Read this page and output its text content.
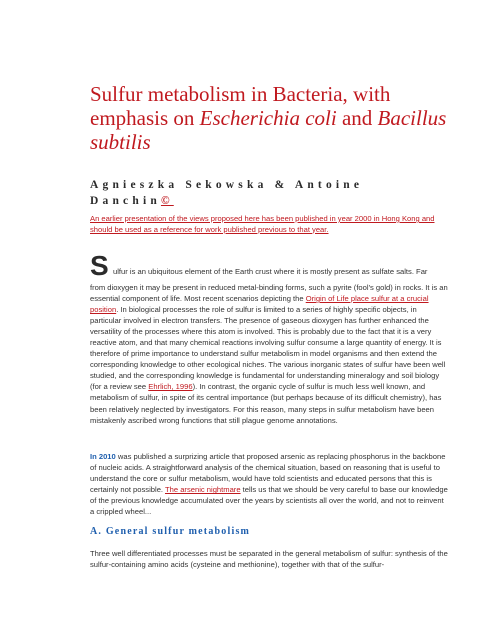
Sulfur metabolism in Bacteria, with emphasis on Escherichia coli and Bacillus subtilis

Agnieszka Sekowska & Antoine Danchin©

An earlier presentation of the views proposed here has been published in year 2000 in Hong Kong and should be used as a reference for work published previous to that year.

S ulfur is an ubiquitous element of the Earth crust where it is mostly present as sulfate salts. Far

from dioxygen it may be present in reduced metal-binding forms, such a pyrite (fool's gold) in rocks. It is an essential component of life. Most recent scenarios depicting the Origin of Life place sulfur at a crucial position. In biological processes the role of sulfur is limited to a series of highly specific objects, in particular involved in electron transfers. The presence of gaseous dioxygen has further enhanced the versatility of the processes where this atom is involved. This is probably due to the fact that it is a very reactive atom, and that many chemical reactions involving sulfur consume a large quantity of energy. It is therefore of prime importance to understand sulfur metabolism in model organisms and then extend the corresponding knowledge to other ecological niches. The various inorganic states of sulfur have been well studied, and the corresponding knowledge is fundamental for understanding mineralogy and soil biology (for a review see Ehrlich, 1996). In contrast, the organic cycle of sulfur is much less well known, and metabolism of sulfur, in spite of its central importance (but perhaps because of its difficult chemistry), has been relatively neglected by investigators. For this reason, many steps in sulfur metabolism have been mistakenly ascribed wrong functions that still plague genome annotations.

In 2010 was published a surprizing article that proposed arsenic as replacing phosphorus in the backbone of nucleic acids. A straightforward analysis of the chemical situation, based on reasoning that is useful to understand the core or sulfur metabolism, would have told scientists and educated persons that this is certainly not possible. The arsenic nightmare tells us that we should be very careful to base our knowledge of the previous knowledge accumulated over the years by scientists all over the world, and not to reinvent a crippled wheel...

A. General sulfur metabolism

Three well differentiated processes must be separated in the general metabolism of sulfur: synthesis of the sulfur-containing amino acids (cysteine and methionine), together with that of the sulfur-
